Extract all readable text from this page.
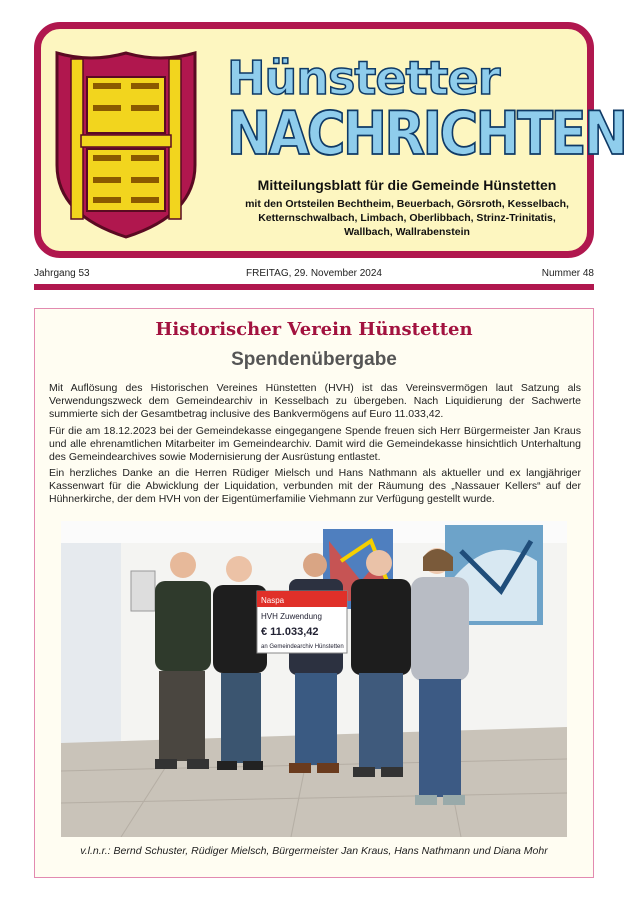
Hünstetter
NACHRICHTEN
Mitteilungsblatt für die Gemeinde Hünstetten
mit den Ortsteilen Bechtheim, Beuerbach, Görsroth, Kesselbach,
Ketternschwalbach, Limbach, Oberlibbach, Strinz-Trinitatis,
Wallbach, Wallrabenstein
Jahrgang 53	FREITAG, 29. November 2024	Nummer 48
Historischer Verein Hünstetten
Spendenübergabe

Mit Auflösung des Historischen Vereines Hünstetten (HVH) ist das Vereinsvermögen laut Satzung als Verwendungszweck dem Gemeindearchiv in Kesselbach zu übergeben. Nach Liquidierung der Sachwerte summierte sich der Gesamtbetrag inclusive des Bankvermögens auf Euro 11.033,42.

Für die am 18.12.2023 bei der Gemeindekasse eingegangene Spende freuen sich Herr Bürgermeister Jan Kraus und alle ehrenamtlichen Mitarbeiter im Gemeindearchiv. Damit wird die Gemeindekasse hinsichtlich Unterhaltung des Gemeindearchives sowie Modernisierung der Ausrüstung entlastet.

Ein herzliches Danke an die Herren Rüdiger Mielsch und Hans Nathmann als aktueller und ex langjähriger Kassenwart für die Abwicklung der Liquidation, verbunden mit der Räumung des „Nassauer Kellers“ auf der Hühnerkirche, der dem HVH von der Eigentümerfamilie Viehmann zur Verfügung gestellt wurde.

Naspa
HVH Zuwendung
€ 11.033,42
an Gemeindearchiv Hünstetten
v.l.n.r.: Bernd Schuster, Rüdiger Mielsch, Bürgermeister Jan Kraus, Hans Nathmann und Diana Mohr
